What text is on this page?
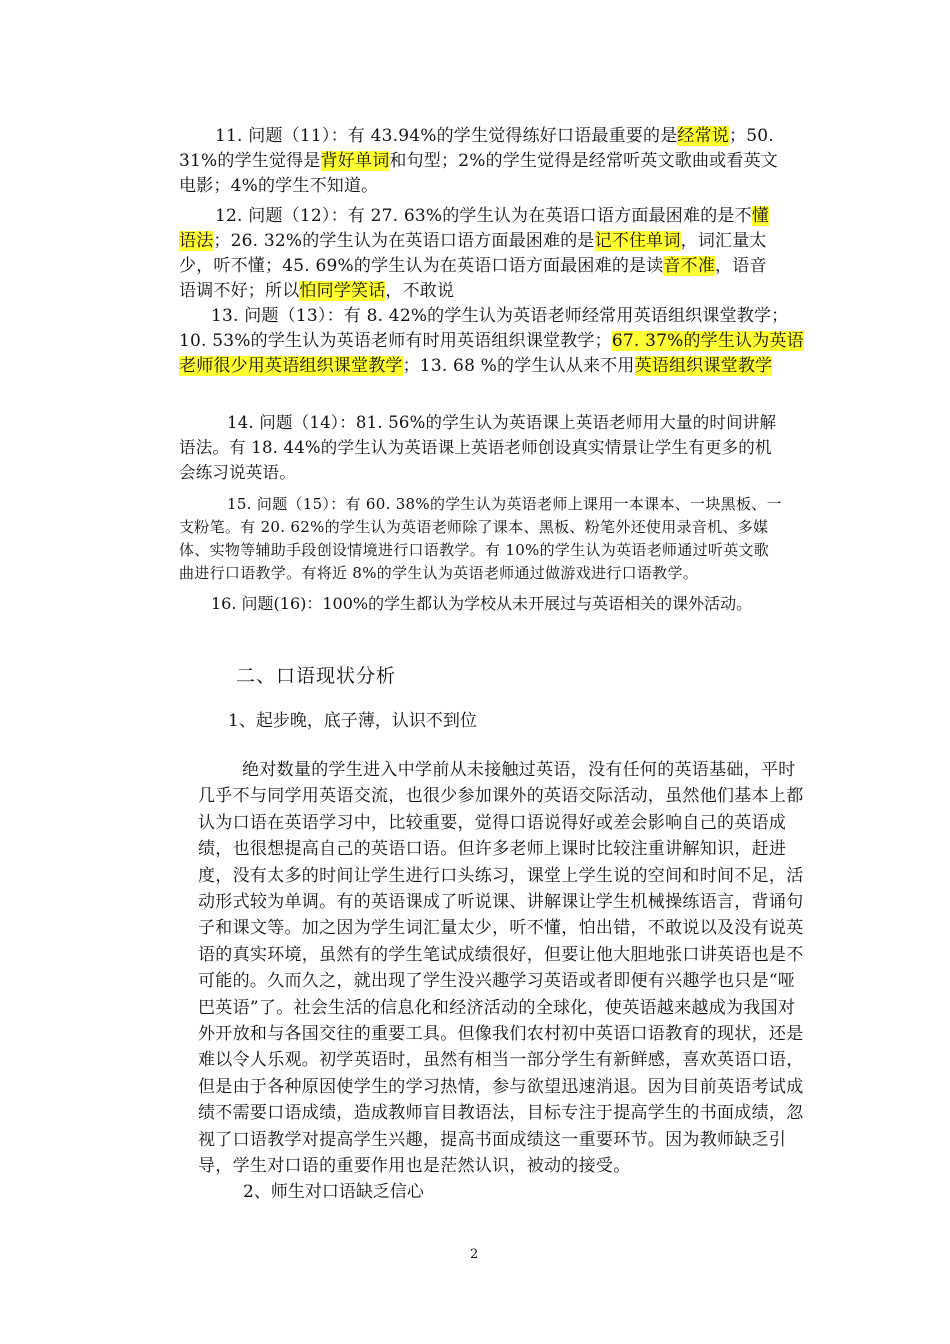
11. 问题（11）：有 43.94%的学生觉得练好口语最重要的是经常说；50. 31%的学生觉得是背好单词和句型；2%的学生觉得是经常听英文歌曲或看英文电影；4%的学生不知道。

12. 问题（12）：有 27. 63%的学生认为在英语口语方面最困难的是不懂语法；26. 32%的学生认为在英语口语方面最困难的是记不住单词，词汇量太少，听不懂；45. 69%的学生认为在英语口语方面最困难的是读音不准，语音语调不好；所以怕同学笑话，不敢说

13. 问题（13）：有 8. 42%的学生认为英语老师经常用英语组织课堂教学；

10. 53%的学生认为英语老师有时用英语组织课堂教学；67. 37%的学生认为英语老师很少用英语组织课堂教学；13. 68 %的学生认从来不用英语组织课堂教学

14. 问题（14）：81. 56%的学生认为英语课上英语老师用大量的时间讲解语法。有 18. 44%的学生认为英语课上英语老师创设真实情景让学生有更多的机会练习说英语。

15. 问题（15）：有 60. 38%的学生认为英语老师上课用一本课本、一块黑板、一支粉笔。有 20. 62%的学生认为英语老师除了课本、黑板、粉笔外还使用录音机、多媒体、实物等辅助手段创设情境进行口语教学。有 10%的学生认为英语老师通过听英文歌曲进行口语教学。有将近 8%的学生认为英语老师通过做游戏进行口语教学。

16. 问题(16)：100%的学生都认为学校从未开展过与英语相关的课外活动。

二、口语现状分析

1、起步晚，底子薄，认识不到位

绝对数量的学生进入中学前从未接触过英语，没有任何的英语基础，平时几乎不与同学用英语交流，也很少参加课外的英语交际活动，虽然他们基本上都认为口语在英语学习中，比较重要，觉得口语说得好或差会影响自己的英语成绩，也很想提高自己的英语口语。但许多老师上课时比较注重讲解知识，赶进度，没有太多的时间让学生进行口头练习，课堂上学生说的空间和时间不足，活动形式较为单调。有的英语课成了听说课、讲解课让学生机械操练语言，背诵句子和课文等。加之因为学生词汇量太少，听不懂，怕出错，不敢说以及没有说英语的真实环境，虽然有的学生笔试成绩很好，但要让他大胆地张口讲英语也是不可能的。久而久之，就出现了学生没兴趣学习英语或者即便有兴趣学也只是“哑巴英语”了。社会生活的信息化和经济活动的全球化，使英语越来越成为我国对外开放和与各国交往的重要工具。但像我们农村初中英语口语教育的现状，还是难以令人乐观。初学英语时，虽然有相当一部分学生有新鲜感，喜欢英语口语，但是由于各种原因使学生的学习热情，参与欲望迅速消退。因为目前英语考试成绩不需要口语成绩，造成教师盲目教语法，目标专注于提高学生的书面成绩，忽视了口语教学对提高学生兴趣，提高书面成绩这一重要环节。因为教师缺乏引导，学生对口语的重要作用也是茫然认识，被动的接受。

2、师生对口语缺乏信心

2
